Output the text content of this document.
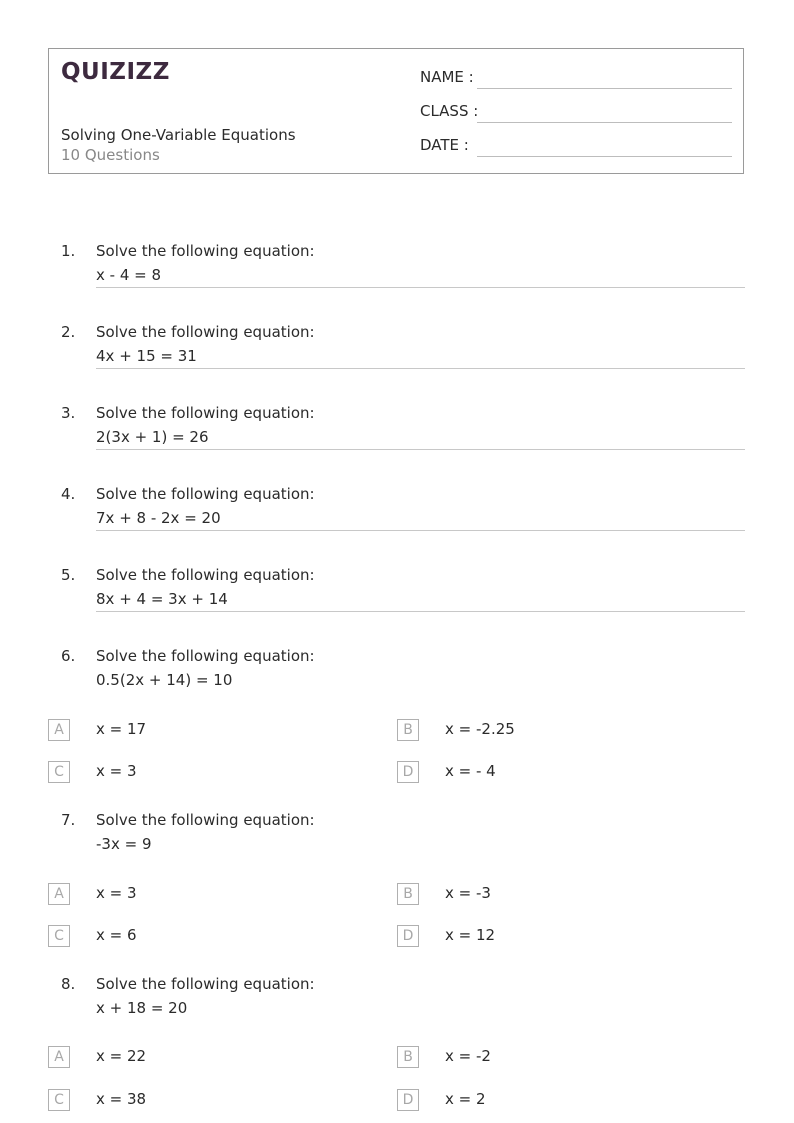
QUIZIZZ
Solving One-Variable Equations
10 Questions
NAME :
CLASS :
DATE :
1. Solve the following equation:
x - 4 = 8
2. Solve the following equation:
4x + 15 = 31
3. Solve the following equation:
2(3x + 1) = 26
4. Solve the following equation:
7x + 8 - 2x = 20
5. Solve the following equation:
8x + 4 = 3x + 14
6. Solve the following equation:
0.5(2x + 14) = 10
A	x = 17	B	x = -2.25
C	x = 3	D	x = - 4
7. Solve the following equation:
-3x = 9
A	x = 3	B	x = -3
C	x = 6	D	x = 12
8. Solve the following equation:
x + 18 = 20
A	x = 22	B	x = -2
C	x = 38	D	x = 2
